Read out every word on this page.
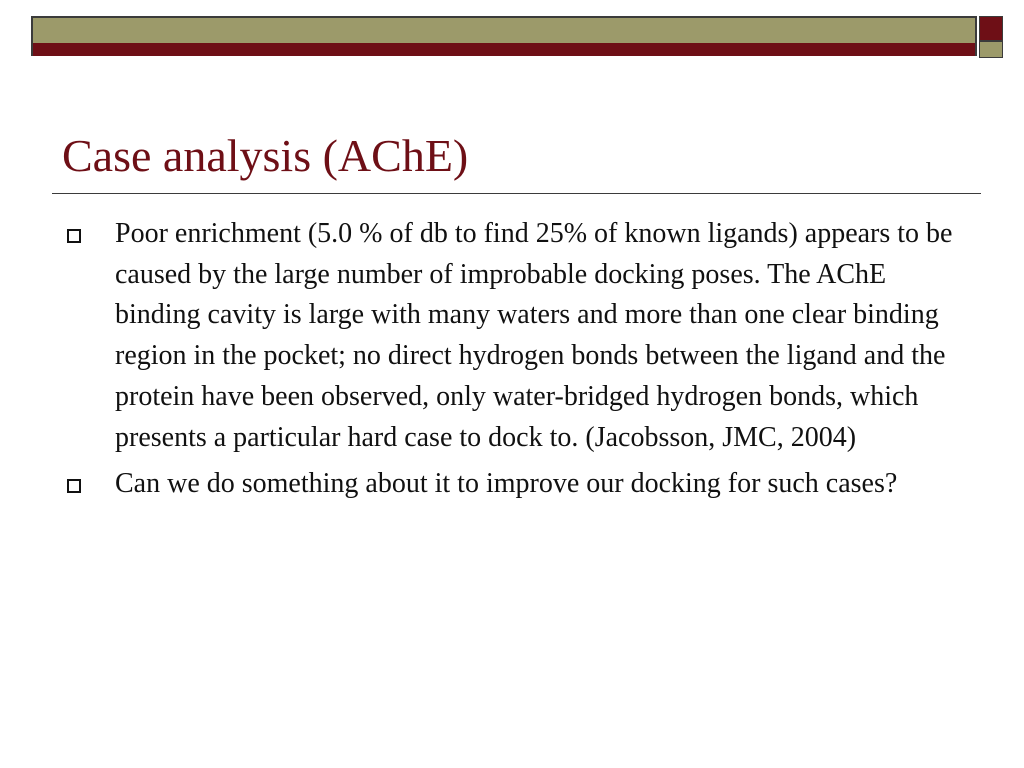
Case analysis (AChE)
Poor enrichment (5.0 % of db to find 25% of known ligands) appears to be caused by the large number of improbable docking poses. The AChE binding cavity is large with many waters and more than one clear binding region in the pocket; no direct hydrogen bonds between the ligand and the protein have been observed, only water-bridged hydrogen bonds, which presents a particular hard case to dock to. (Jacobsson, JMC, 2004)
Can we do something about it to improve our docking for such cases?
